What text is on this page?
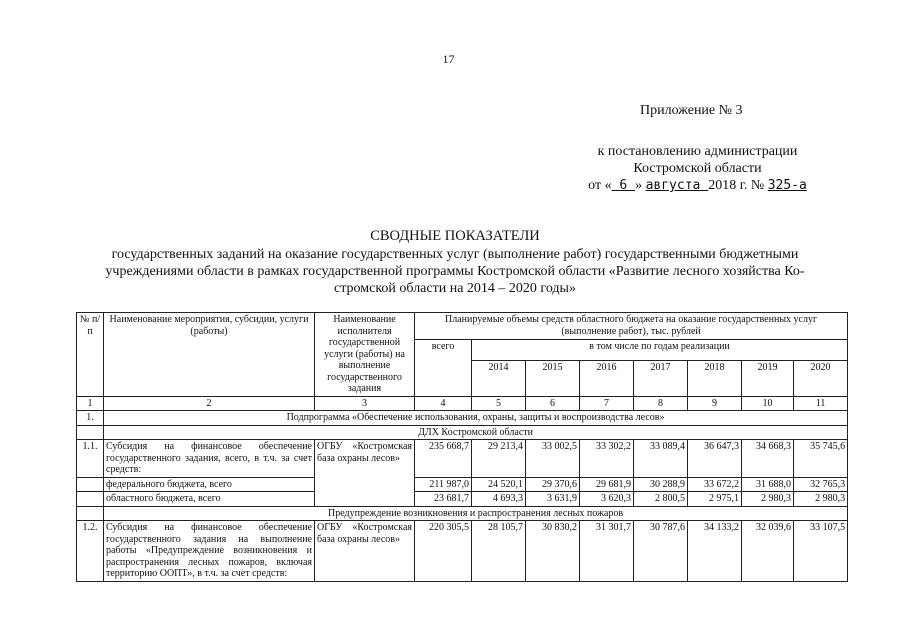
17
Приложение № 3
к постановлению администрации
Костромской области
от « 6 » августа 2018 г. № 325-а
СВОДНЫЕ ПОКАЗАТЕЛИ
государственных заданий на оказание государственных услуг (выполнение работ) государственными бюджетными
учреждениями области в рамках государственной программы Костромской области «Развитие лесного хозяйства Ко-
стромской области на 2014 – 2020 годы»
№ п/п	Наименование мероприятия, субсидии, услуги (работы)	Наименование исполнителя государственной услуги (работы) на выполнение государственного задания	Планируемые объемы средств областного бюджета на оказание государственных услуг (выполнение работ), тыс. рублей							
			всего	в том числе по годам реализации						
				2014	2015	2016	2017	2018	2019	2020
1	2	3	4	5	6	7	8	9	10	11
1.	Подпрограмма «Обеспечение использования, охраны, защиты и воспроизводства лесов»									
	ДЛХ Костромской области									
1.1.	Субсидия на финансовое обеспечение государственного задания, всего, в т.ч. за счет средств:	ОГБУ «Костромская база охраны лесов»	235 668,7	29 213,4	33 002,5	33 302,2	33 089,4	36 647,3	34 668,3	35 745,6
	федерального бюджета, всего		211 987,0	24 520,1	29 370,6	29 681,9	30 288,9	33 672,2	31 688,0	32 765,3
	областного бюджета, всего		23 681,7	4 693,3	3 631,9	3 620,3	2 800,5	2 975,1	2 980,3	2 980,3
	Предупреждение возникновения и распространения лесных пожаров									
1.2.	Субсидия на финансовое обеспечение государственного задания на выполнение работы «Предупреждение возникновения и распространения лесных пожаров, включая территорию ООПТ», в т.ч. за счет средств:	ОГБУ «Костромская база охраны лесов»	220 305,5	28 105,7	30 830,2	31 301,7	30 787,6	34 133,2	32 039,6	33 107,5
